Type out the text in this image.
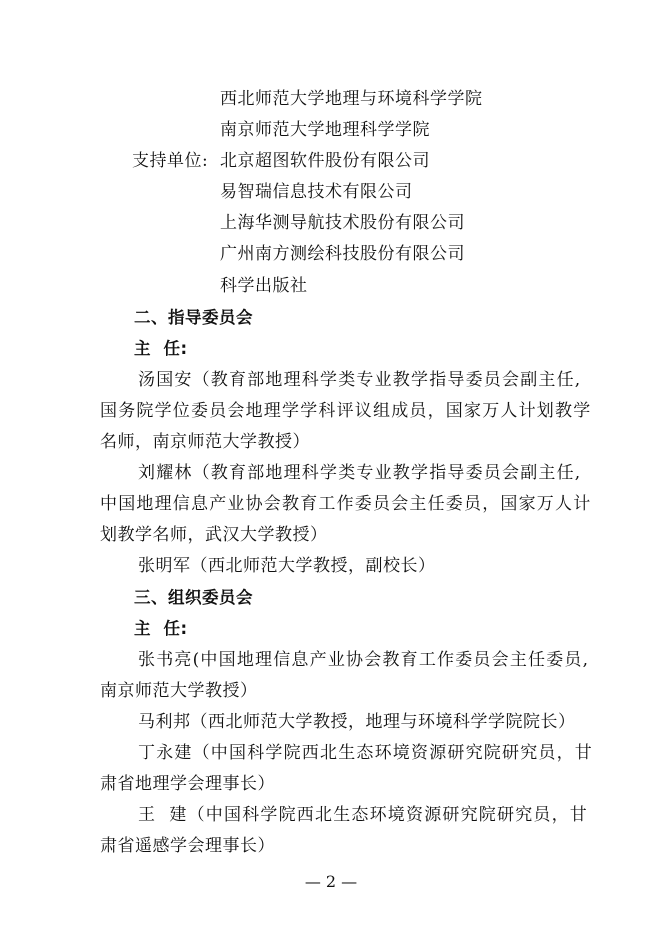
西北师范大学地理与环境科学学院
南京师范大学地理科学学院
支持单位: 北京超图软件股份有限公司
易智瑞信息技术有限公司
上海华测导航技术股份有限公司
广州南方测绘科技股份有限公司
科学出版社
二、指导委员会
主  任:
汤国安（教育部地理科学类专业教学指导委员会副主任,
国务院学位委员会地理学学科评议组成员，国家万人计划教学
名师，南京师范大学教授）
刘耀林（教育部地理科学类专业教学指导委员会副主任,
中国地理信息产业协会教育工作委员会主任委员，国家万人计
划教学名师，武汉大学教授）
张明军（西北师范大学教授，副校长）
三、组织委员会
主  任:
张书亮(中国地理信息产业协会教育工作委员会主任委员,
南京师范大学教授）
马利邦（西北师范大学教授，地理与环境科学学院院长）
丁永建（中国科学院西北生态环境资源研究院研究员，甘
肃省地理学会理事长）
王  建（中国科学院西北生态环境资源研究院研究员，甘
肃省遥感学会理事长）
— 2 —
